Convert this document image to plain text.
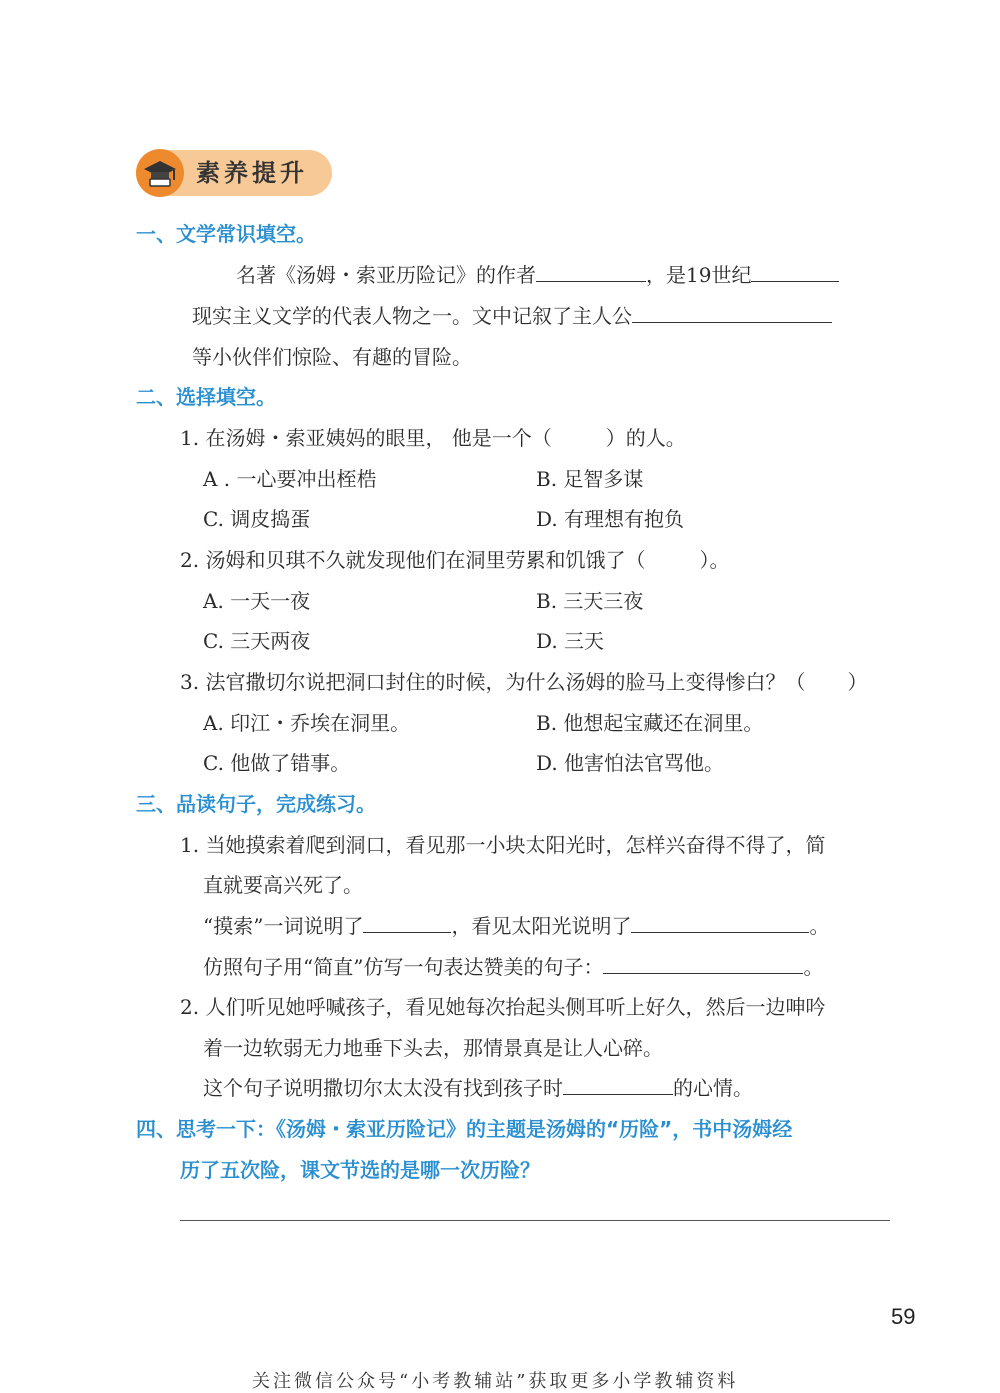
素养提升
一、文学常识填空。
名著《汤姆・索亚历险记》的作者	，是19世纪
现实主义文学的代表人物之一。文中记叙了主人公
等小伙伴们惊险、有趣的冒险。
二、选择填空。
1. 在汤姆・索亚姨妈的眼里， 他是一个（	）的人。
A . 一心要冲出桎梏	B. 足智多谋
C. 调皮捣蛋	D. 有理想有抱负
2. 汤姆和贝琪不久就发现他们在洞里劳累和饥饿了（	）。
A. 一天一夜	B. 三天三夜
C. 三天两夜	D. 三天
3. 法官撒切尔说把洞口封住的时候，为什么汤姆的脸马上变得惨白？（ ）
A. 印江・乔埃在洞里。	B. 他想起宝藏还在洞里。
C. 他做了错事。	D. 他害怕法官骂他。
三、品读句子，完成练习。
1. 当她摸索着爬到洞口，看见那一小块太阳光时，怎样兴奋得不得了，简
直就要高兴死了。
“摸索”一词说明了	，看见太阳光说明了	。
仿照句子用“简直”仿写一句表达赞美的句子：	。
2. 人们听见她呼喊孩子，看见她每次抬起头侧耳听上好久，然后一边呻吟
着一边软弱无力地垂下头去，那情景真是让人心碎。
这个句子说明撒切尔太太没有找到孩子时	的心情。
四、思考一下：《汤姆・索亚历险记》的主题是汤姆的“历险”，书中汤姆经
历了五次险，课文节选的是哪一次历险？
59
关注微信公众号“小考教辅站”获取更多小学教辅资料
